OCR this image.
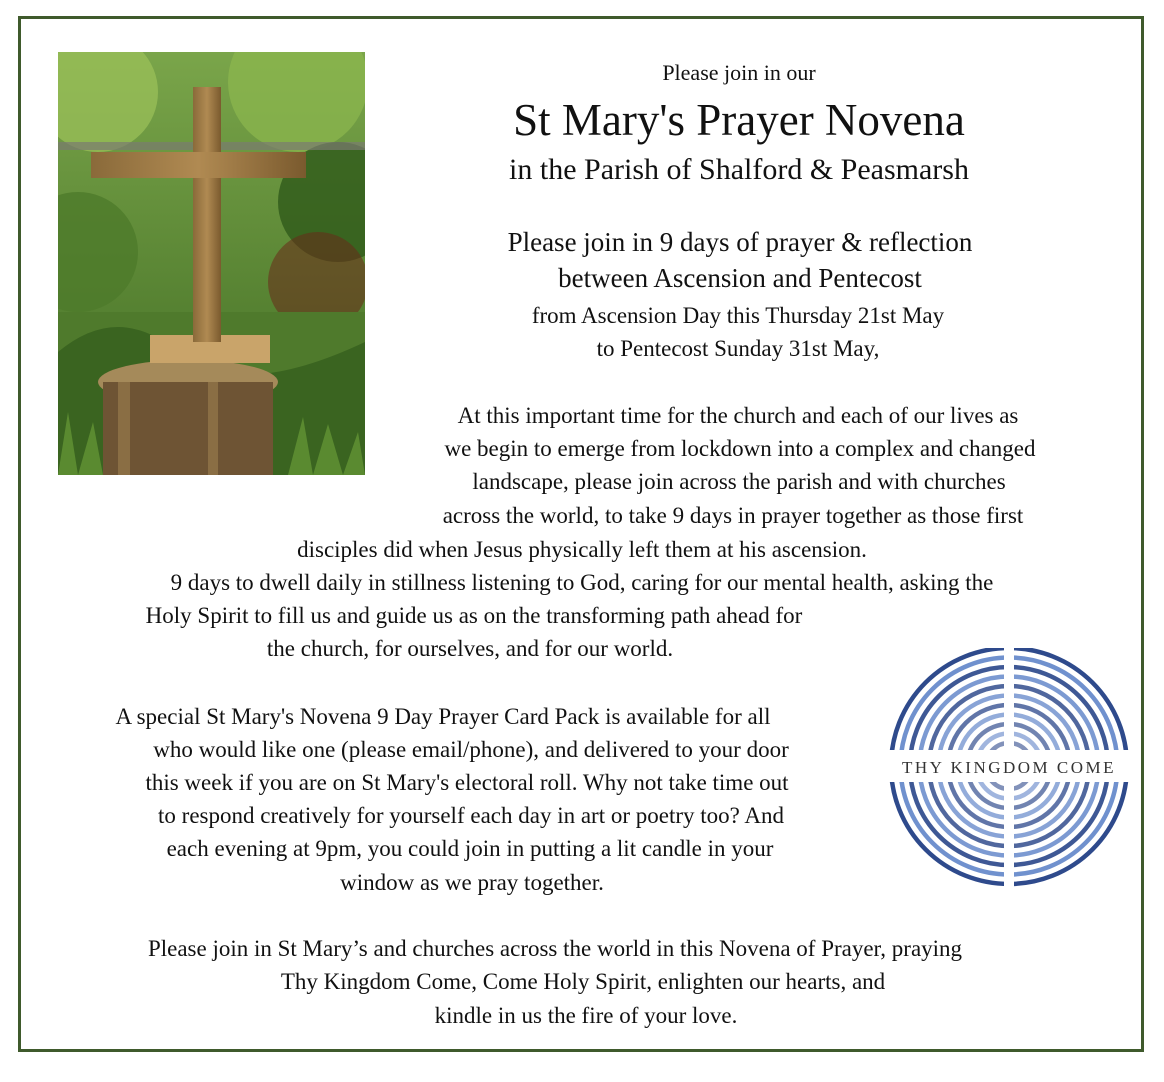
Please join in our
St Mary's Prayer Novena
in the Parish of Shalford & Peasmarsh
Please join in 9 days of prayer & reflection
between Ascension and Pentecost
from Ascension Day this Thursday 21st May
to Pentecost Sunday 31st May,
At this important time for the church and each of our lives as
we begin to emerge from lockdown into a complex and changed
landscape, please join across the parish and with churches
across the world, to take 9 days in prayer together as those first
disciples did when Jesus physically left them at his ascension.
9 days to dwell daily in stillness listening to God, caring for our mental health, asking the
Holy Spirit to fill us and guide us as on the transforming path ahead for
the church, for ourselves, and for our world.
A special St Mary's Novena 9 Day Prayer Card Pack is available for all
who would like one (please email/phone), and delivered to your door
this week if you are on St Mary's electoral roll. Why not take time out
to respond creatively for yourself each day in art or poetry too? And
each evening at 9pm, you could join in putting a lit candle in your
window as we pray together.
Please join in St Mary’s and churches across the world in this Novena of Prayer, praying
Thy Kingdom Come, Come Holy Spirit, enlighten our hearts, and
kindle in us the fire of your love.
THY KINGDOM COME
